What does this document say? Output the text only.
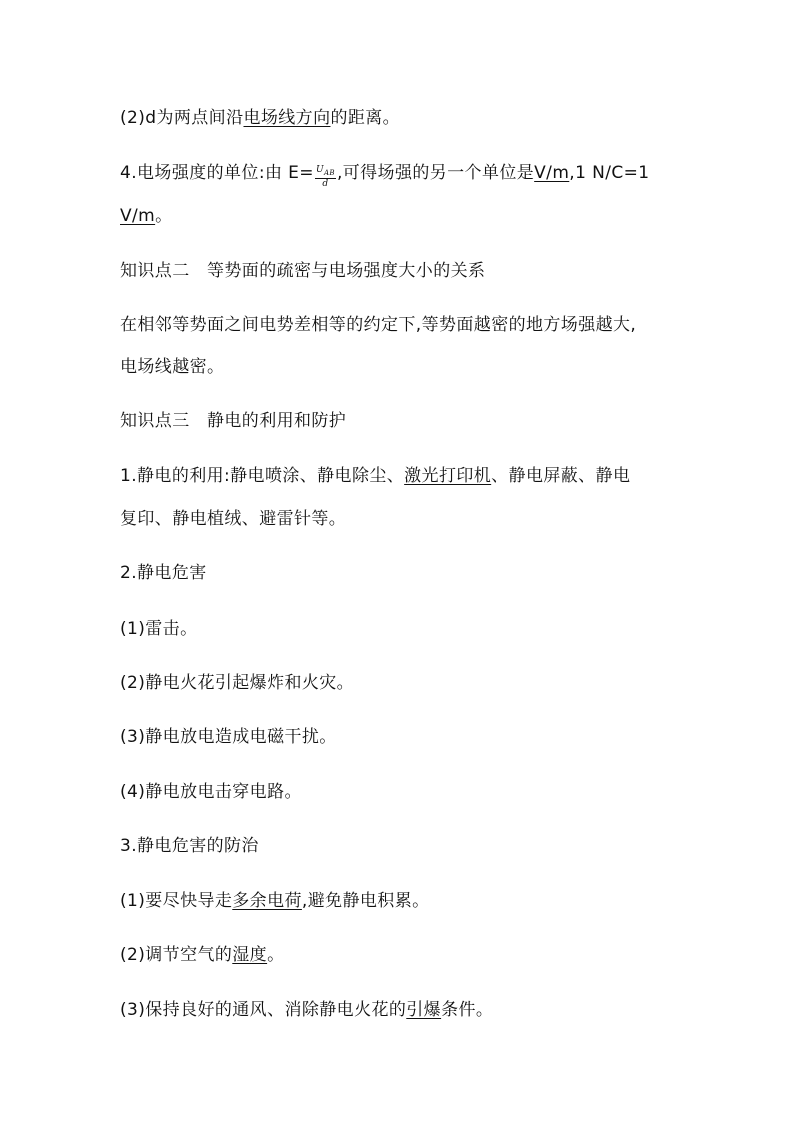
(2)d为两点间沿电场线方向的距离。

4.电场强度的单位:由 $E= \frac{U_{AB}}{d}$ ,可得场强的另一个单位是V/m,1 N/C=1

V/m。

知识点二　等势面的疏密与电场强度大小的关系

在相邻等势面之间电势差相等的约定下,等势面越密的地方场强越大,

电场线越密。

知识点三　静电的利用和防护

1.静电的利用:静电喷涂、静电除尘、激光打印机、静电屏蔽、静电

复印、静电植绒、避雷针等。

2.静电危害

(1)雷击。

(2)静电火花引起爆炸和火灾。

(3)静电放电造成电磁干扰。

(4)静电放电击穿电路。

3.静电危害的防治

(1)要尽快导走多余电荷,避免静电积累。

(2)调节空气的湿度。

(3)保持良好的通风、消除静电火花的引爆条件。
